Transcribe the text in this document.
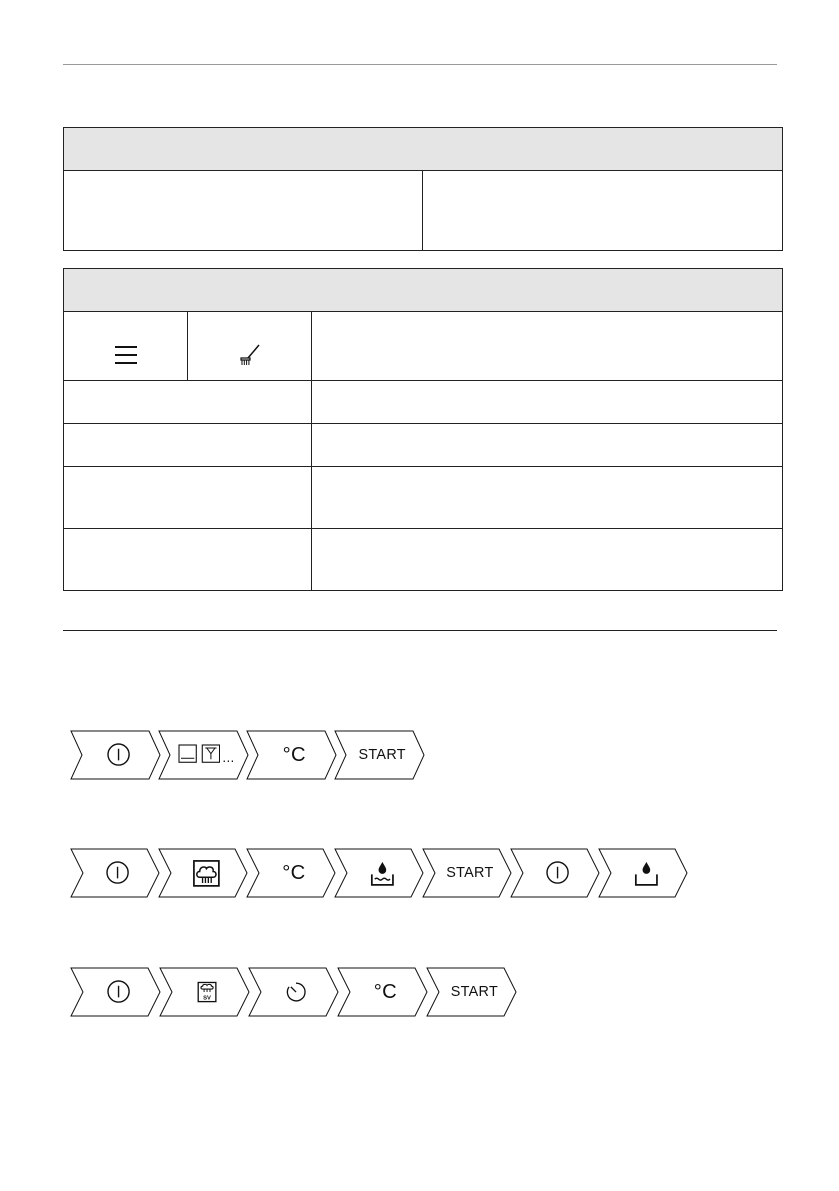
... °C	START
°C	START
SV	°C	START
